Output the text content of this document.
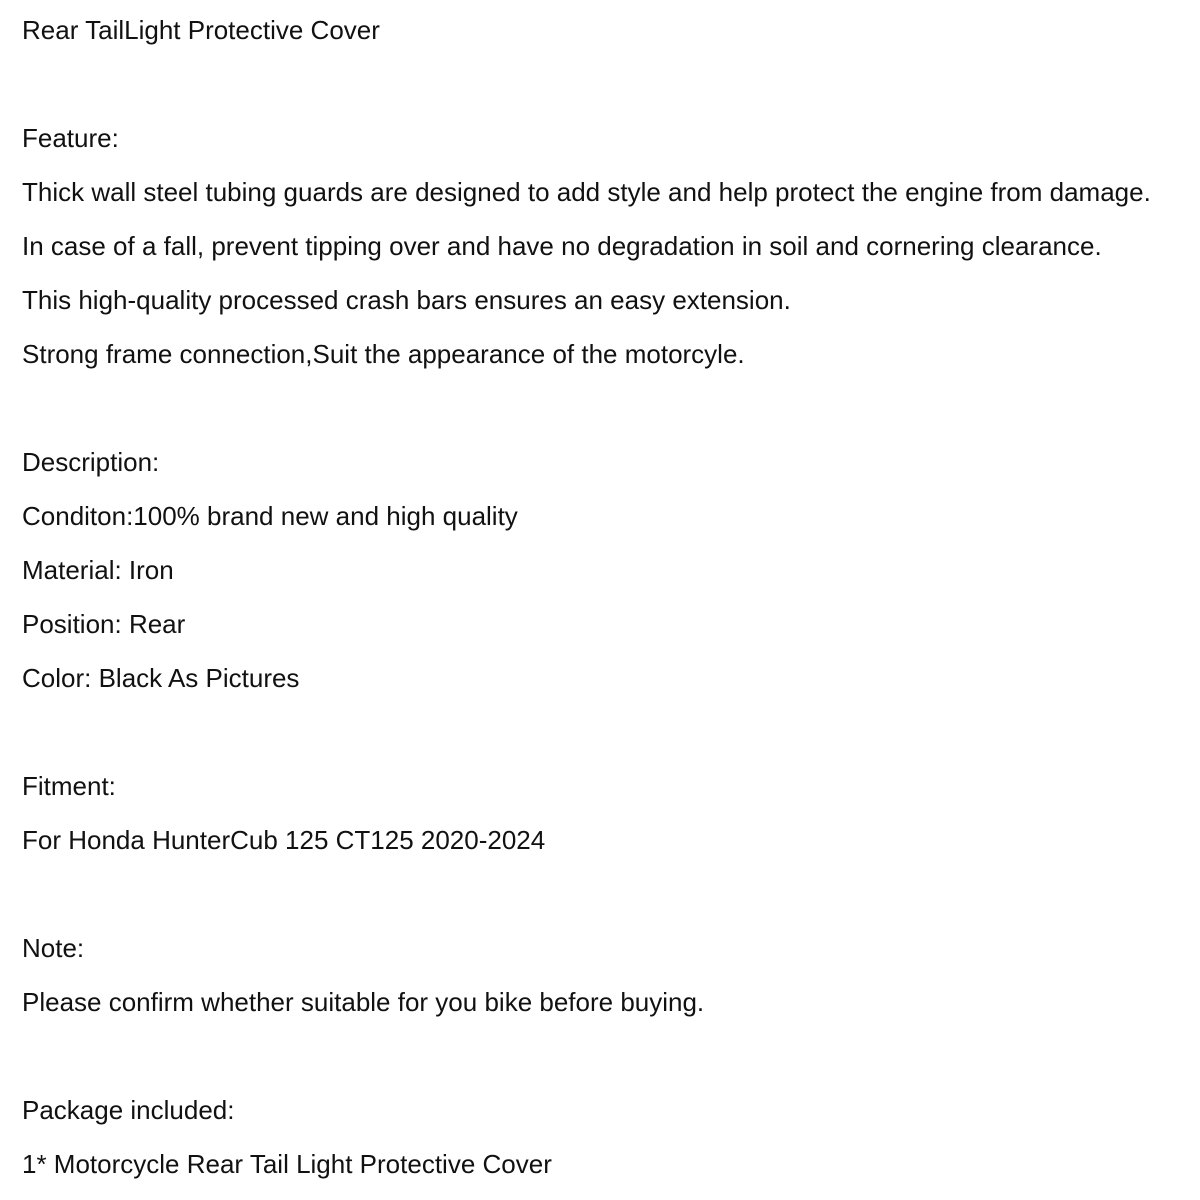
Rear TailLight Protective Cover

Feature:

Thick wall steel tubing guards are designed to add style and help protect the engine from damage.

In case of a fall, prevent tipping over and have no degradation in soil and cornering clearance.

This high-quality processed crash bars ensures an easy extension.

Strong frame connection,Suit the appearance of the motorcyle.

Description:

Conditon:100% brand new and high quality

Material: Iron

Position: Rear

Color: Black As Pictures

Fitment:

For Honda HunterCub 125 CT125 2020-2024

Note:

Please confirm whether suitable for you bike before buying.

Package included:

1* Motorcycle Rear Tail Light Protective Cover
